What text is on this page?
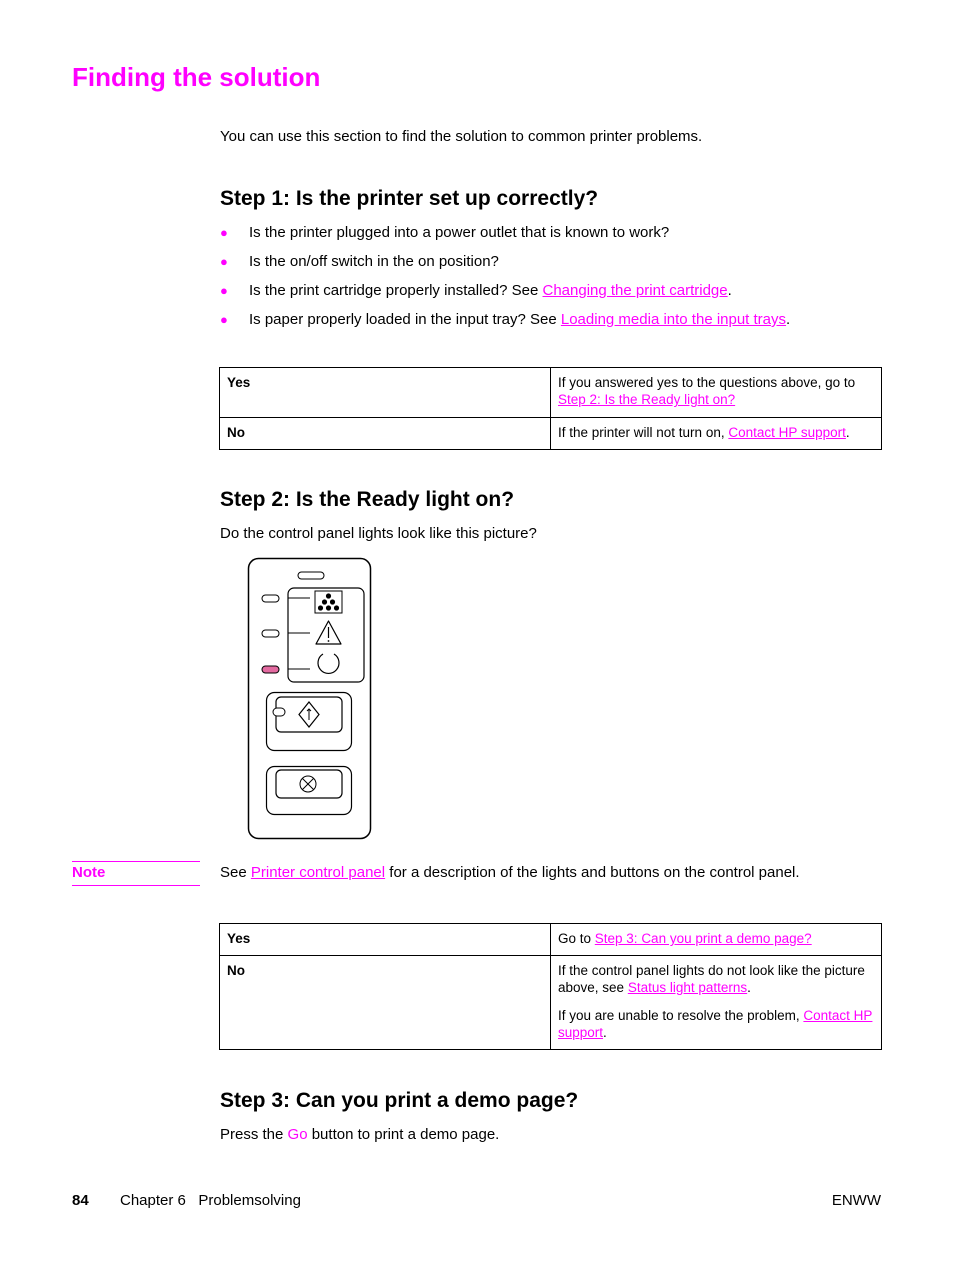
Finding the solution

You can use this section to find the solution to common printer problems.

Step 1: Is the printer set up correctly?
● Is the printer plugged into a power outlet that is known to work?
● Is the on/off switch in the on position?
● Is the print cartridge properly installed? See Changing the print cartridge.
● Is paper properly loaded in the input tray? See Loading media into the input trays.
Yes	If you answered yes to the questions above, go to Step 2: Is the Ready light on?
No	If the printer will not turn on, Contact HP support.
Step 2: Is the Ready light on?

Do the control panel lights look like this picture?

Note	See Printer control panel for a description of the lights and buttons on the control panel.

Yes	Go to Step 3: Can you print a demo page?
No	If the control panel lights do not look like the picture above, see Status light patterns.

If you are unable to resolve the problem, Contact HP support.

Step 3: Can you print a demo page?

Press the Go button to print a demo page.

84 Chapter 6   Problemsolving	ENWW
